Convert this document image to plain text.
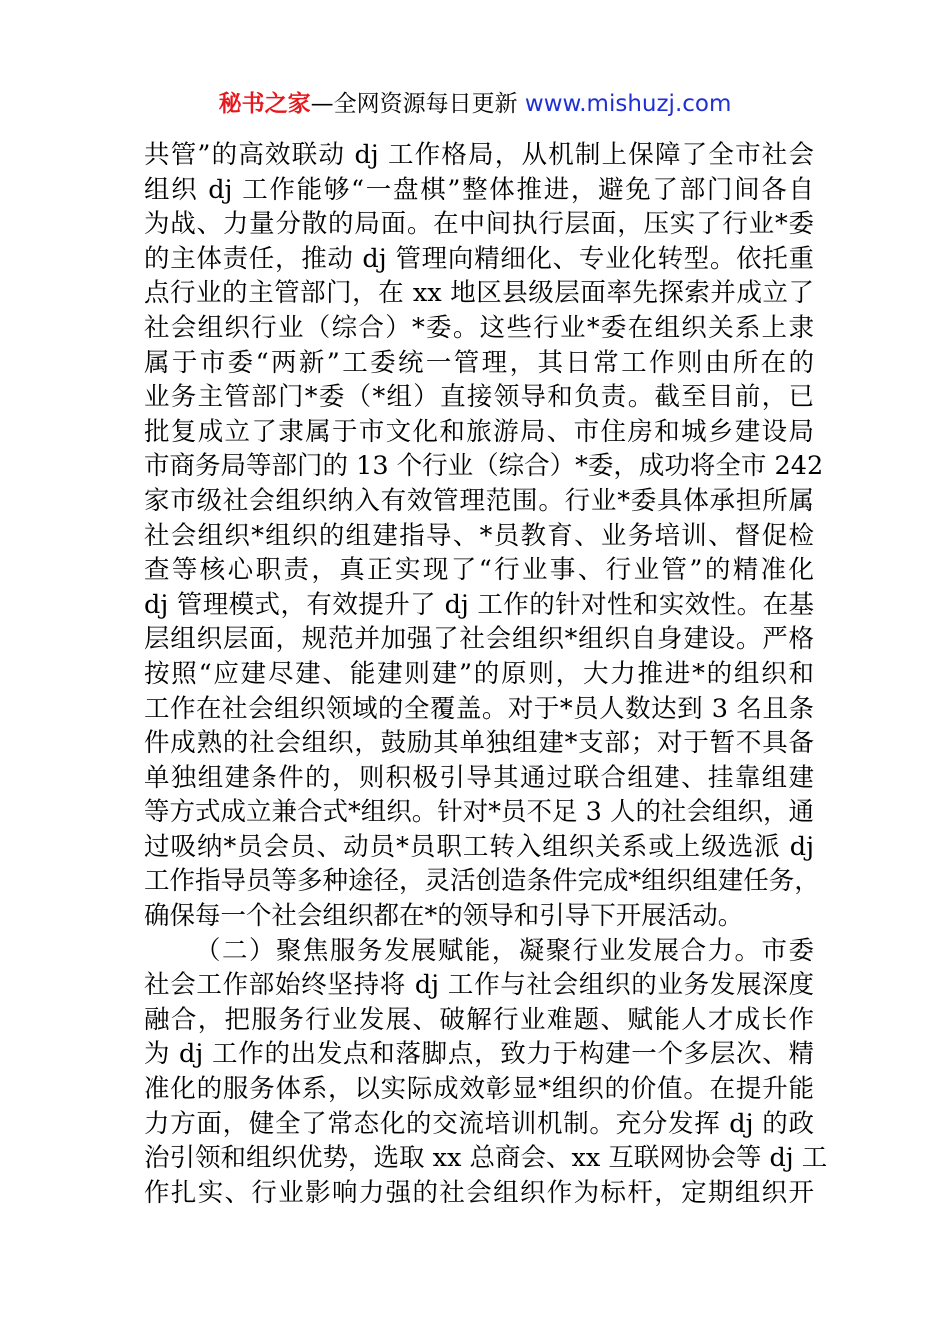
秘书之家—全网资源每日更新 www.mishuzj.com
共管”的高效联动 dj 工作格局，从机制上保障了全市社会
组织 dj 工作能够“一盘棋”整体推进，避免了部门间各自
为战、力量分散的局面。在中间执行层面，压实了行业*委
的主体责任，推动 dj 管理向精细化、专业化转型。依托重
点行业的主管部门，在 xx 地区县级层面率先探索并成立了
社会组织行业（综合）*委。这些行业*委在组织关系上隶
属于市委“两新”工委统一管理，其日常工作则由所在的
业务主管部门*委（*组）直接领导和负责。截至目前，已
批复成立了隶属于市文化和旅游局、市住房和城乡建设局
市商务局等部门的 13 个行业（综合）*委，成功将全市 242
家市级社会组织纳入有效管理范围。行业*委具体承担所属
社会组织*组织的组建指导、*员教育、业务培训、督促检
查等核心职责，真正实现了“行业事、行业管”的精准化
dj 管理模式，有效提升了 dj 工作的针对性和实效性。在基
层组织层面，规范并加强了社会组织*组织自身建设。严格
按照“应建尽建、能建则建”的原则，大力推进*的组织和
工作在社会组织领域的全覆盖。对于*员人数达到 3 名且条
件成熟的社会组织，鼓励其单独组建*支部；对于暂不具备
单独组建条件的，则积极引导其通过联合组建、挂靠组建
等方式成立兼合式*组织。针对*员不足 3 人的社会组织，通
过吸纳*员会员、动员*员职工转入组织关系或上级选派 dj
工作指导员等多种途径，灵活创造条件完成*组织组建任务，
确保每一个社会组织都在*的领导和引导下开展活动。
（二）聚焦服务发展赋能，凝聚行业发展合力。市委
社会工作部始终坚持将 dj 工作与社会组织的业务发展深度
融合，把服务行业发展、破解行业难题、赋能人才成长作
为 dj 工作的出发点和落脚点，致力于构建一个多层次、精
准化的服务体系，以实际成效彰显*组织的价值。在提升能
力方面，健全了常态化的交流培训机制。充分发挥 dj 的政
治引领和组织优势，选取 xx 总商会、xx 互联网协会等 dj 工
作扎实、行业影响力强的社会组织作为标杆，定期组织开
